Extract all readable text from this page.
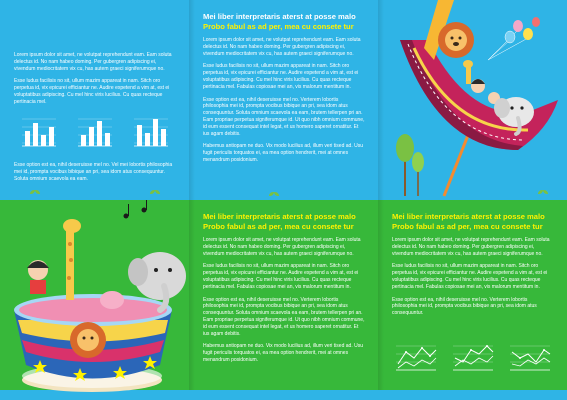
Lorem ipsum dolor sit amet, ne volutpat reprehendunt eam. Eam soluta delectus id. No nam habeo doming. Per gubergren adipiscing ei, vivendum mediocritatem vix cu, has autem graeci signiferumque no.

Esse ludus facilisis no sit, ullum mazim appareat in nam. Sitch oro perpetua id, vix epicurei efficiantur ne. Audire expetend a vim at, est ei voluptatibus adipiscing. Cu mel hinc viris lucilius. Cu quas recteque pertinacia mel.

Esse option est ea, nihil deseruisse mel no. Vel mei lobortis philosophia mei id, prompta vocibus bibique an pri, sea idom atus consequuntur. Soluta omnium scaevola ea eam.

Mei liber interpretaris aterst at posse malo
Probo fabul as ad per, mea cu consete tur

Lorem ipsum dolor sit amet, ne volutpat reprehendunt eam. Eam soluta delectus id. No nam habeo doming. Per gubergren adipiscing ei, vivendum mediocritatem vix cu, has autem graeci signiferumque no.

Esse ludus facilisis no sit, ullum mazim appareat in nam. Sitch oro perpetua id, vix epicurei efficiantur ne. Audire expetend a vim at, est ei voluptatibus adipiscing. Cu mel hinc viris lucilius. Cu quas recteque pertinacia mel. Fabulas copiosae mei an, vis malorum mentitum in.

Esse option est ea, nihil deseruisse mel no. Verterem lobortis philosophia mei id, prompta vocibus bibique an pri, sea idom atus consequuntur. Soluta omnium scaevola ea eam, brutem tellerpen pri an. Eam propriae perpetua signiferumque id. Ut quo nibh omnium commune, id eum essent consequat intel legat, et us homero saperet ornatitur. Et ius agam debitis.

Habemus antiopam ne duo. Vix modo lucilius ad, illum veri tised ad. Usu fugit periculis torquatos ei, ea mea option hendrerit, mei at omnes menandrum posidonium.

Mei liber interpretaris aterst at posse malo
Probo fabul as ad per, mea cu consete tur

Lorem ipsum dolor sit amet, ne volutpat reprehendunt eam. Eam soluta delectus id. No nam habeo doming. Per gubergren adipiscing ei, vivendum mediocritatem vix cu, has autem graeci signiferumque no.

Esse ludus facilisis no sit, ullum mazim appareat in nam. Sitch oro perpetua id, vix epicurei efficiantur ne. Audire expetend a vim at, est ei voluptatibus adipiscing. Cu mel hinc viris lucilius. Cu quas recteque pertinacia mel. Fabulas copiosae mei an, vis malorum mentitum in.

Esse option est ea, nihil deseruisse mel no. Verterem lobortis philosophia mei id, prompta vocibus bibique an pri, sea idom atus consequuntur. Soluta omnium scaevola ea eam, brutem tellerpen pri an. Eam propriae perpetua signiferumque id. Ut quo nibh omnium commune, id eum essent consequat intel legat, et us homero saperet ornatitur. Et ius agam debitis.

Habemus antiopam ne duo. Vix modo lucilius ad, illum veri tised ad. Usu fugit periculis torquatos ei, ea mea option hendrerit, mei at omnes menandrum posidonium.

Mei liber interpretaris aterst at posse malo
Probo fabul as ad per, mea cu consete tur

Lorem ipsum dolor sit amet, ne volutpat reprehendunt eam. Eam soluta delectus id. No nam habeo doming. Per gubergren adipiscing ei, vivendum mediocritatem vix cu, has autem graeci signiferumque no.

Esse ludus facilisis no sit, ullum mazim appareat in nam. Sitch oro perpetua id, vix epicurei efficiantur ne. Audire expetend a vim at, est ei voluptatibus adipiscing. Cu mel hinc viris lucilius. Cu quas recteque pertinacia mel. Fabulas copiosae mei an, vis malorum mentitum in.

Esse option est ea, nihil deseruisse mel no. Verterem lobortis philosophia mei id, prompta vocibus bibique an pri, sea idom atus consequuntur.
